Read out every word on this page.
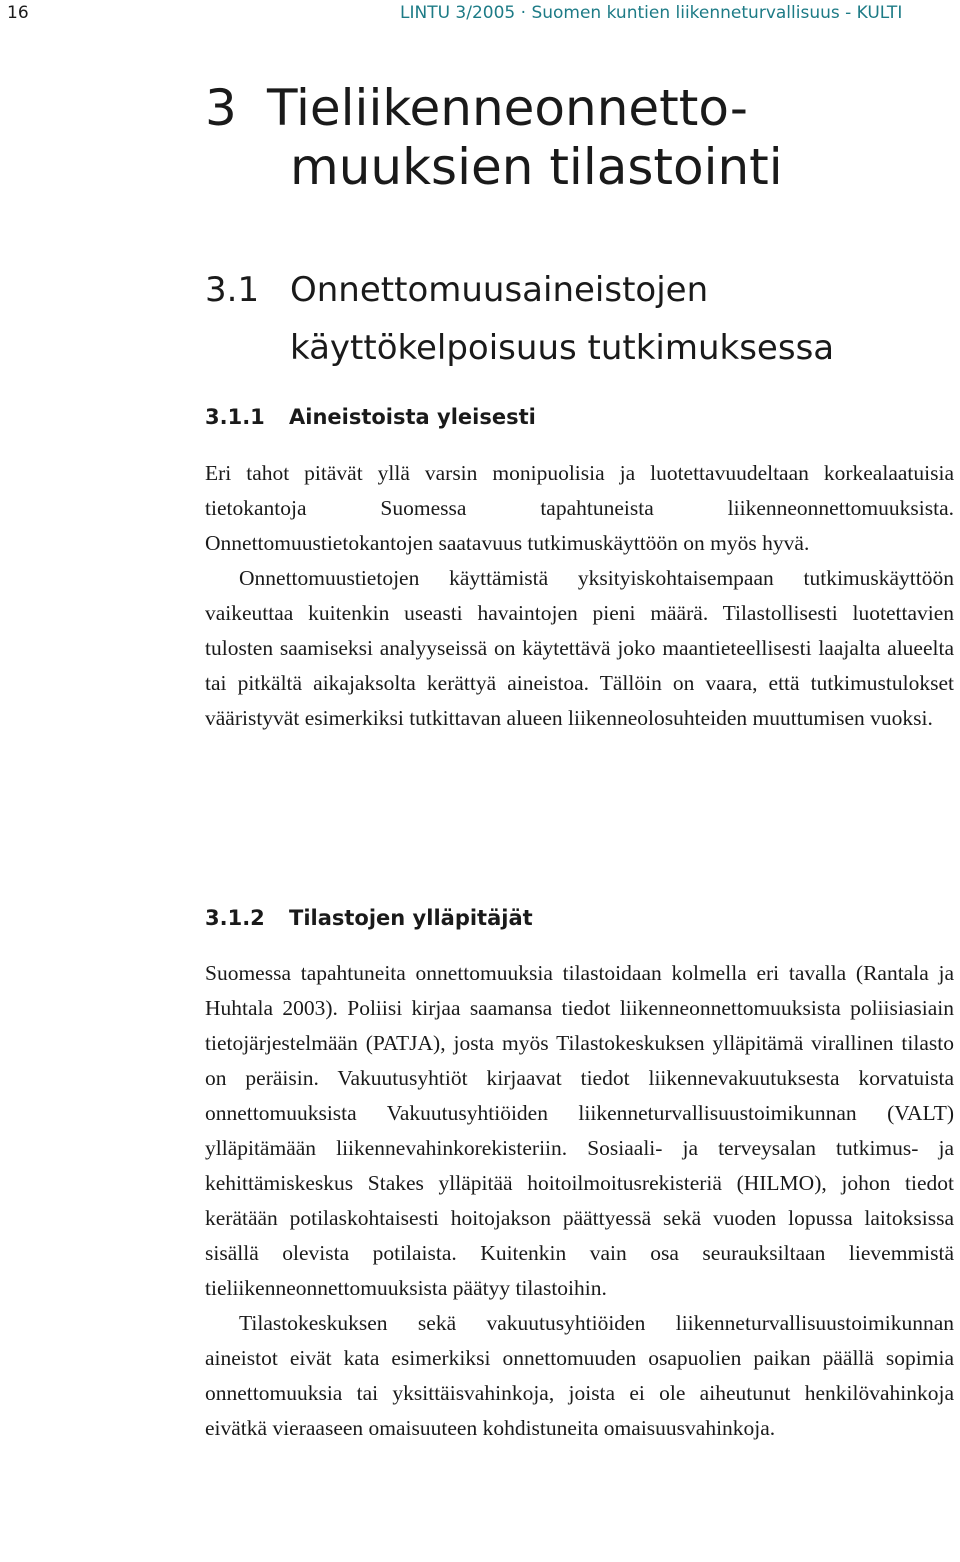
16	LINTU 3/2005 · Suomen kuntien liikenneturvallisuus - KULTI
3 Tieliikenneonnetto-
muuksien tilastointi
3.1 Onnettomuusaineistojen
käyttökelpoisuus tutkimuksessa
3.1.1 Aineistoista yleisesti

Eri tahot pitävät yllä varsin monipuolisia ja luotettavuudeltaan korkealaatuisia tietokantoja Suomessa tapahtuneista liikenneonnettomuuksista. Onnettomuustietokantojen saatavuus tutkimuskäyttöön on myös hyvä.

Onnettomuustietojen käyttämistä yksityiskohtaisempaan tutkimuskäyttöön vaikeuttaa kuitenkin useasti havaintojen pieni määrä. Tilastollisesti luotettavien tulosten saamiseksi analyyseissä on käytettävä joko maantieteellisesti laajalta alueelta tai pitkältä aikajaksolta kerättyä aineistoa. Tällöin on vaara, että tutkimustulokset vääristyvät esimerkiksi tutkittavan alueen liikenneolosuhteiden muuttumisen vuoksi.

3.1.2 Tilastojen ylläpitäjät

Suomessa tapahtuneita onnettomuuksia tilastoidaan kolmella eri tavalla (Rantala ja Huhtala 2003). Poliisi kirjaa saamansa tiedot liikenneonnettomuuksista poliisiasiain tietojärjestelmään (PATJA), josta myös Tilastokeskuksen ylläpitämä virallinen tilasto on peräisin. Vakuutusyhtiöt kirjaavat tiedot liikennevakuutuksesta korvatuista onnettomuuksista Vakuutusyhtiöiden liikenneturvallisuustoimikunnan (VALT) ylläpitämään liikennevahinkorekisteriin. Sosiaali- ja terveysalan tutkimus- ja kehittämiskeskus Stakes ylläpitää hoitoilmoitusrekisteriä (HILMO), johon tiedot kerätään potilaskohtaisesti hoitojakson päättyessä sekä vuoden lopussa laitoksissa sisällä olevista potilaista. Kuitenkin vain osa seurauksiltaan lievemmistä tieliikenneonnettomuuksista päätyy tilastoihin.

Tilastokeskuksen sekä vakuutusyhtiöiden liikenneturvallisuustoimikunnan aineistot eivät kata esimerkiksi onnettomuuden osapuolien paikan päällä sopimia onnettomuuksia tai yksittäisvahinkoja, joista ei ole aiheutunut henkilövahinkoja eivätkä vieraaseen omaisuuteen kohdistuneita omaisuusvahinkoja.
